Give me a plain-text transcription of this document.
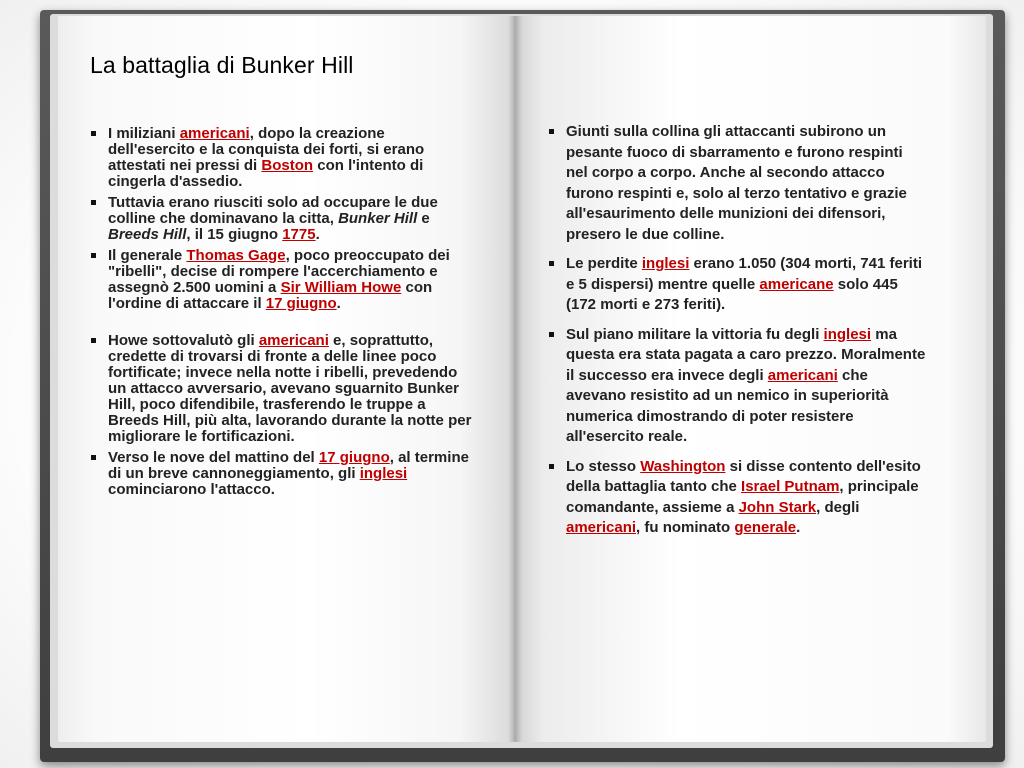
La battaglia di Bunker Hill
I miliziani americani, dopo la creazione dell'esercito e la conquista dei forti, si erano attestati nei pressi di Boston con l'intento di cingerla d'assedio.
Tuttavia erano riusciti solo ad occupare le due colline che dominavano la citta, Bunker Hill e Breeds Hill, il 15 giugno 1775.
Il generale Thomas Gage, poco preoccupato dei "ribelli", decise di rompere l'accerchiamento e assegnò 2.500 uomini a Sir William Howe con l'ordine di attaccare il 17 giugno.
Howe sottovalutò gli americani e, soprattutto, credette di trovarsi di fronte a delle linee poco fortificate; invece nella notte i ribelli, prevedendo un attacco avversario, avevano sguarnito Bunker Hill, poco difendibile, trasferendo le truppe a Breeds Hill, più alta, lavorando durante la notte per migliorare le fortificazioni.
Verso le nove del mattino del 17 giugno, al termine di un breve cannoneggiamento, gli inglesi cominciarono l'attacco.
Giunti sulla collina gli attaccanti subirono un pesante fuoco di sbarramento e furono respinti nel corpo a corpo. Anche al secondo attacco furono respinti e, solo al terzo tentativo e grazie all'esaurimento delle munizioni dei difensori, presero le due colline.
Le perdite inglesi erano 1.050 (304 morti, 741 feriti e 5 dispersi) mentre quelle americane solo 445 (172 morti e 273 feriti).
Sul piano militare la vittoria fu degli inglesi ma questa era stata pagata a caro prezzo. Moralmente il successo era invece degli americani che avevano resistito ad un nemico in superiorità numerica dimostrando di poter resistere all'esercito reale.
Lo stesso Washington si disse contento dell'esito della battaglia tanto che Israel Putnam, principale comandante, assieme a John Stark, degli americani, fu nominato generale.
